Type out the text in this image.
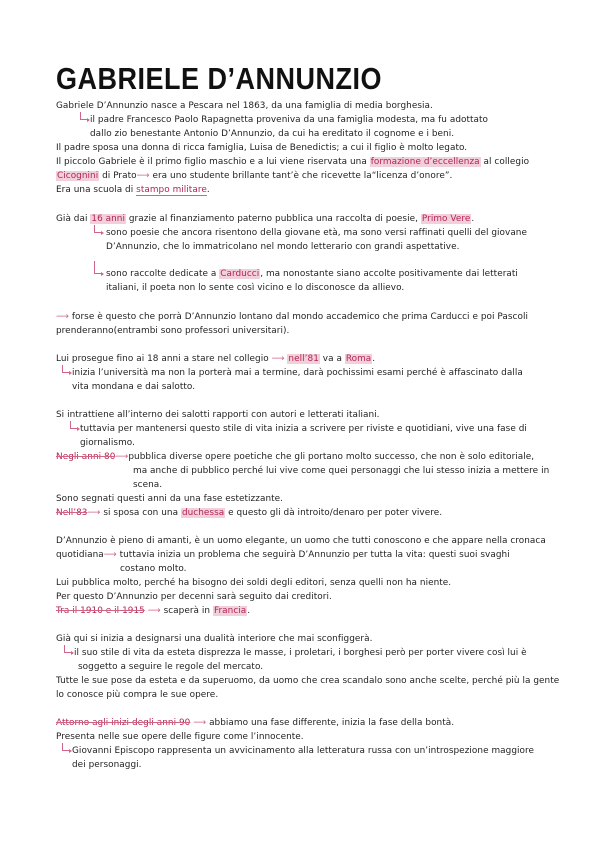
GABRIELE D’ANNUNZIO

Gabriele D’Annunzio nasce a Pescara nel 1863, da una famiglia di media borghesia.

il padre Francesco Paolo Rapagnetta proveniva da una famiglia modesta, ma fu adottato

dallo zio benestante Antonio D’Annunzio, da cui ha ereditato il cognome e i beni.

Il padre sposa una donna di ricca famiglia, Luisa de Benedictis; a cui il figlio è molto legato.

Il piccolo Gabriele è il primo figlio maschio e a lui viene riservata una formazione d’eccellenza al collegio

Cicognini di Prato⟶ era uno studente brillante tant’è che ricevette la“licenza d’onore”.

Era una scuola di stampo militare.

Già dai 16 anni grazie al finanziamento paterno pubblica una raccolta di poesie, Primo Vere.

sono poesie che ancora risentono della giovane età, ma sono versi raffinati quelli del giovane

D’Annunzio, che lo immatricolano nel mondo letterario con grandi aspettative.

sono raccolte dedicate a Carducci, ma nonostante siano accolte positivamente dai letterati

italiani, il poeta non lo sente così vicino e lo disconosce da allievo.

⟶ forse è questo che porrà D’Annunzio lontano dal mondo accademico che prima Carducci e poi Pascoli

prenderanno(entrambi sono professori universitari).

Lui prosegue fino ai 18 anni a stare nel collegio ⟶ nell’81 va a Roma.

inizia l’università ma non la porterà mai a termine, darà pochissimi esami perché è affascinato dalla

vita mondana e dai salotto.

Si intrattiene all’interno dei salotti rapporti con autori e letterati italiani.

tuttavia per mantenersi questo stile di vita inizia a scrivere per riviste e quotidiani, vive una fase di

giornalismo.

Negli anni 80⟶pubblica diverse opere poetiche che gli portano molto successo, che non è solo editoriale,

ma anche di pubblico perché lui vive come quei personaggi che lui stesso inizia a mettere in

scena.

Sono segnati questi anni da una fase estetizzante.

Nell’83⟶ si sposa con una duchessa e questo gli dà introito/denaro per poter vivere.

D’Annunzio è pieno di amanti, è un uomo elegante, un uomo che tutti conoscono e che appare nella cronaca

quotidiana⟶ tuttavia inizia un problema che seguirà D’Annunzio per tutta la vita: questi suoi svaghi

costano molto.

Lui pubblica molto, perché ha bisogno dei soldi degli editori, senza quelli non ha niente.

Per questo D’Annunzio per decenni sarà seguito dai creditori.

Tra il 1910 e il 1915 ⟶ scaperà in Francia.

Già qui si inizia a designarsi una dualità interiore che mai sconfiggerà.

il suo stile di vita da esteta disprezza le masse, i proletari, i borghesi però per porter vivere così lui è

soggetto a seguire le regole del mercato.

Tutte le sue pose da esteta e da superuomo, da uomo che crea scandalo sono anche scelte, perché più la gente

lo conosce più compra le sue opere.

Attorno agli inizi degli anni 90 ⟶ abbiamo una fase differente, inizia la fase della bontà.

Presenta nelle sue opere delle figure come l’innocente.

Giovanni Episcopo rappresenta un avvicinamento alla letteratura russa con un’introspezione maggiore

dei personaggi.
